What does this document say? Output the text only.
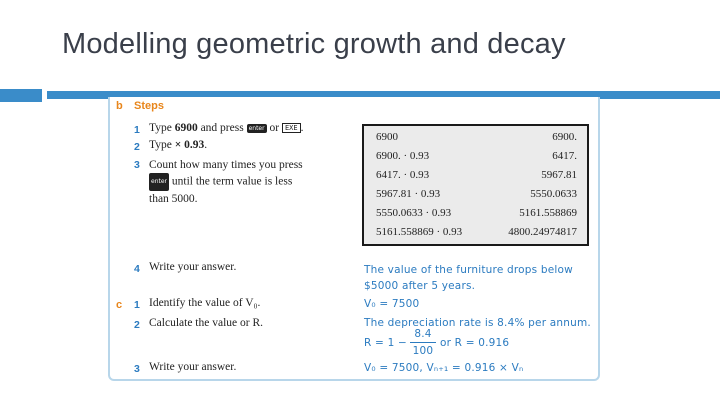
Modelling geometric growth and decay
b Steps
1 Type 6900 and press enter or EXE .
2 Type × 0.93.
3 Count how many times you press
enter until the term value is less
than 5000.
6900	6900.
6900. · 0.93	6417.
6417. · 0.93	5967.81
5967.81 · 0.93	5550.0633
5550.0633 · 0.93	5161.558869
5161.558869 · 0.93	4800.24974817
4 Write your answer.	The value of the furniture drops below
$5000 after 5 years.
c 1 Identify the value of V₀.	V₀ = 7500
2 Calculate the value or R.	The depreciation rate is 8.4% per annum.
R = 1 −
8.4
100
or R = 0.916
3 Write your answer.	V₀ = 7500, Vₙ₊₁ = 0.916 × Vₙ
